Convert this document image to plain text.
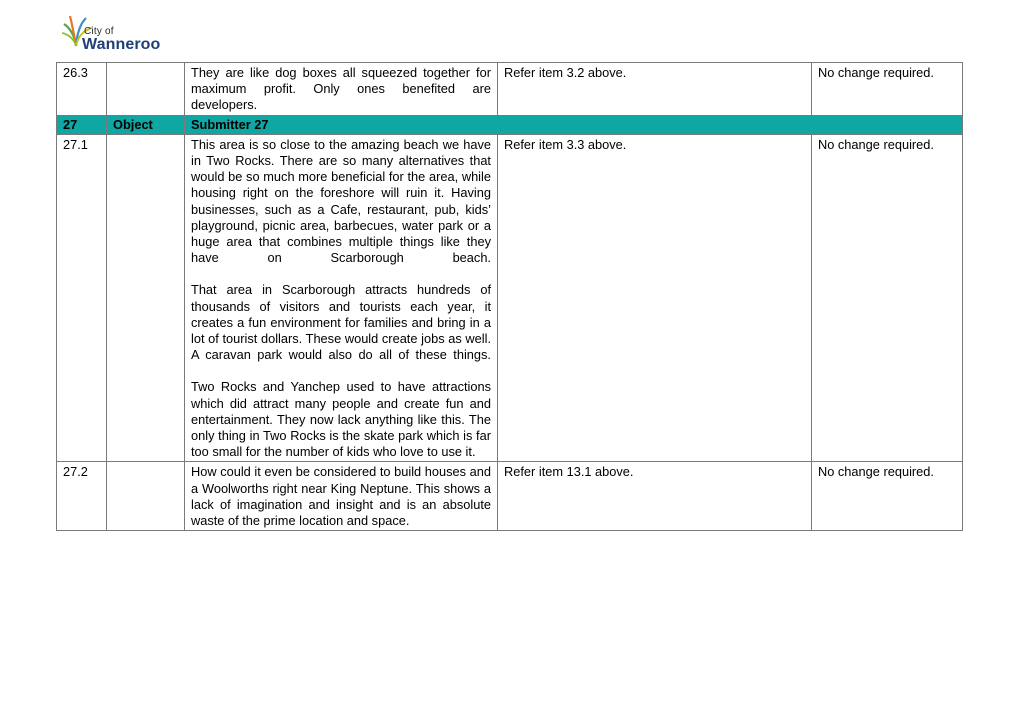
City of
Wanneroo
26.3		They are like dog boxes all squeezed together for maximum profit. Only ones benefited are developers.	Refer item 3.2 above.	No change required.
27	Object	Submitter 27		
27.1		This area is so close to the amazing beach we have in Two Rocks. There are so many alternatives that would be so much more beneficial for the area, while housing right on the foreshore will ruin it. Having businesses, such as a Cafe, restaurant, pub, kids’ playground, picnic area, barbecues, water park or a huge area that combines multiple things like they have on Scarborough beach.
That area in Scarborough attracts hundreds of thousands of visitors and tourists each year, it creates a fun environment for families and bring in a lot of tourist dollars. These would create jobs as well. A caravan park would also do all of these things.
Two Rocks and Yanchep used to have attractions which did attract many people and create fun and entertainment. They now lack anything like this. The only thing in Two Rocks is the skate park which is far too small for the number of kids who love to use it.	Refer item 3.3 above.	No change required.
27.2		How could it even be considered to build houses and a Woolworths right near King Neptune. This shows a lack of imagination and insight and is an absolute waste of the prime location and space.	Refer item 13.1 above.	No change required.
